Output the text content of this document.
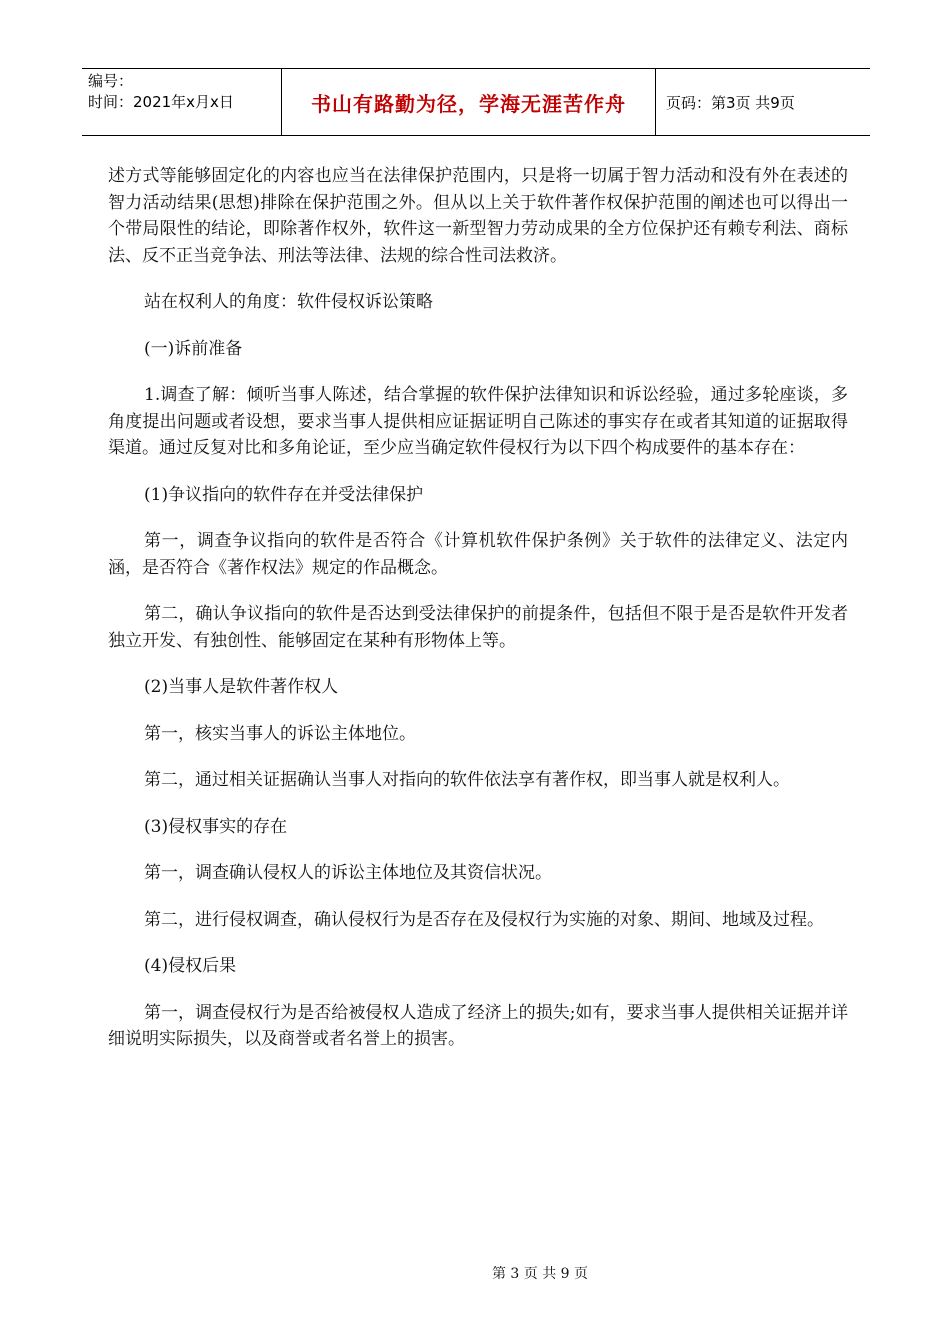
编号：
时间：2021年x月x日	书山有路勤为径，学海无涯苦作舟	页码：第3页 共9页

述方式等能够固定化的内容也应当在法律保护范围内，只是将一切属于智力活动和没有外在表述的智力活动结果(思想)排除在保护范围之外。但从以上关于软件著作权保护范围的阐述也可以得出一个带局限性的结论，即除著作权外，软件这一新型智力劳动成果的全方位保护还有赖专利法、商标法、反不正当竞争法、刑法等法律、法规的综合性司法救济。

站在权利人的角度：软件侵权诉讼策略

(一)诉前准备

1.调查了解：倾听当事人陈述，结合掌握的软件保护法律知识和诉讼经验，通过多轮座谈，多角度提出问题或者设想，要求当事人提供相应证据证明自己陈述的事实存在或者其知道的证据取得渠道。通过反复对比和多角论证，至少应当确定软件侵权行为以下四个构成要件的基本存在：

(1)争议指向的软件存在并受法律保护

第一，调查争议指向的软件是否符合《计算机软件保护条例》关于软件的法律定义、法定内涵，是否符合《著作权法》规定的作品概念。

第二，确认争议指向的软件是否达到受法律保护的前提条件，包括但不限于是否是软件开发者独立开发、有独创性、能够固定在某种有形物体上等。

(2)当事人是软件著作权人

第一，核实当事人的诉讼主体地位。

第二，通过相关证据确认当事人对指向的软件依法享有著作权，即当事人就是权利人。

(3)侵权事实的存在

第一，调查确认侵权人的诉讼主体地位及其资信状况。

第二，进行侵权调查，确认侵权行为是否存在及侵权行为实施的对象、期间、地域及过程。

(4)侵权后果

第一，调查侵权行为是否给被侵权人造成了经济上的损失;如有，要求当事人提供相关证据并详细说明实际损失，以及商誉或者名誉上的损害。

第 3 页 共 9 页
